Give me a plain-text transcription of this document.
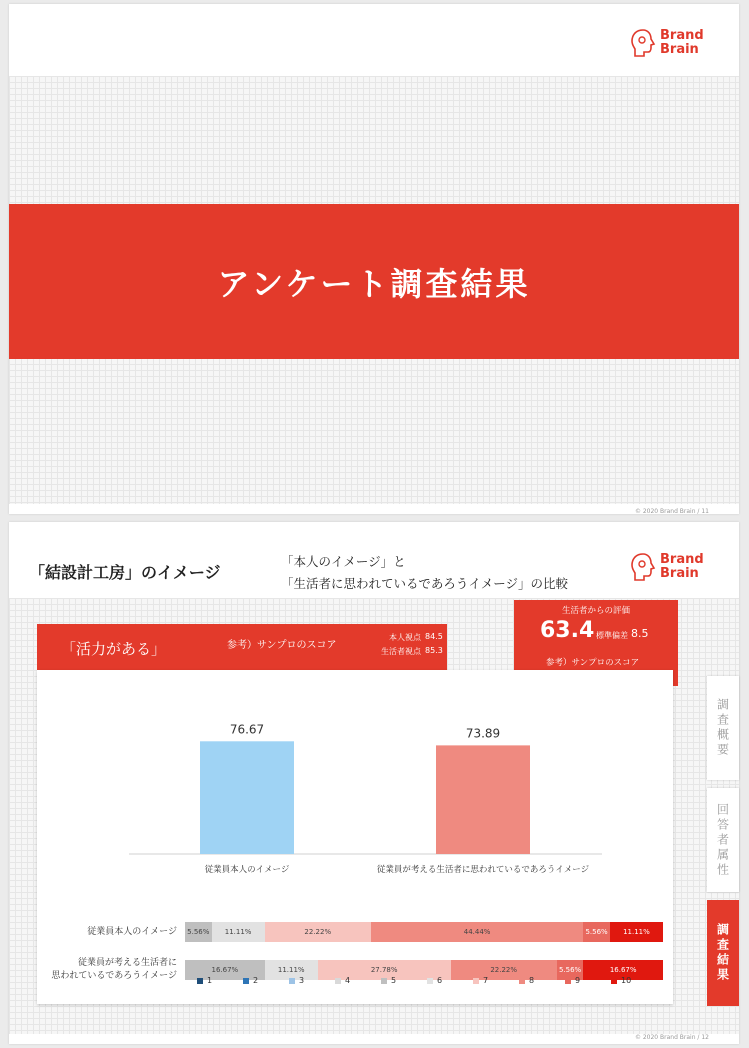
Brand
Brain
アンケート調査結果
© 2020 Brand Brain / 11
「結設計工房」のイメージ
「本人のイメージ」と
「生活者に思われているであろうイメージ」の比較
Brand
Brain
「活力がある」	参考）サンプロのスコア
本人視点 84.5
生活者視点 85.3
生活者からの評価
63.4 標準偏差 8.5
参考）サンプロのスコア
76.67
従業員本人のイメージ
73.89
従業員が考える生活者に思われているであろうイメージ
従業員本人のイメージ	5.56%	11.11%	22.22%	44.44%	5.56%	11.11%
従業員が考える生活者に
思われているであろうイメージ
16.67%	11.11%	27.78%	22.22%	5.56%	16.67%
1	2	3	4	5	6	7	8	9	10
調査概要
回答者属性
調査結果
© 2020 Brand Brain / 12
